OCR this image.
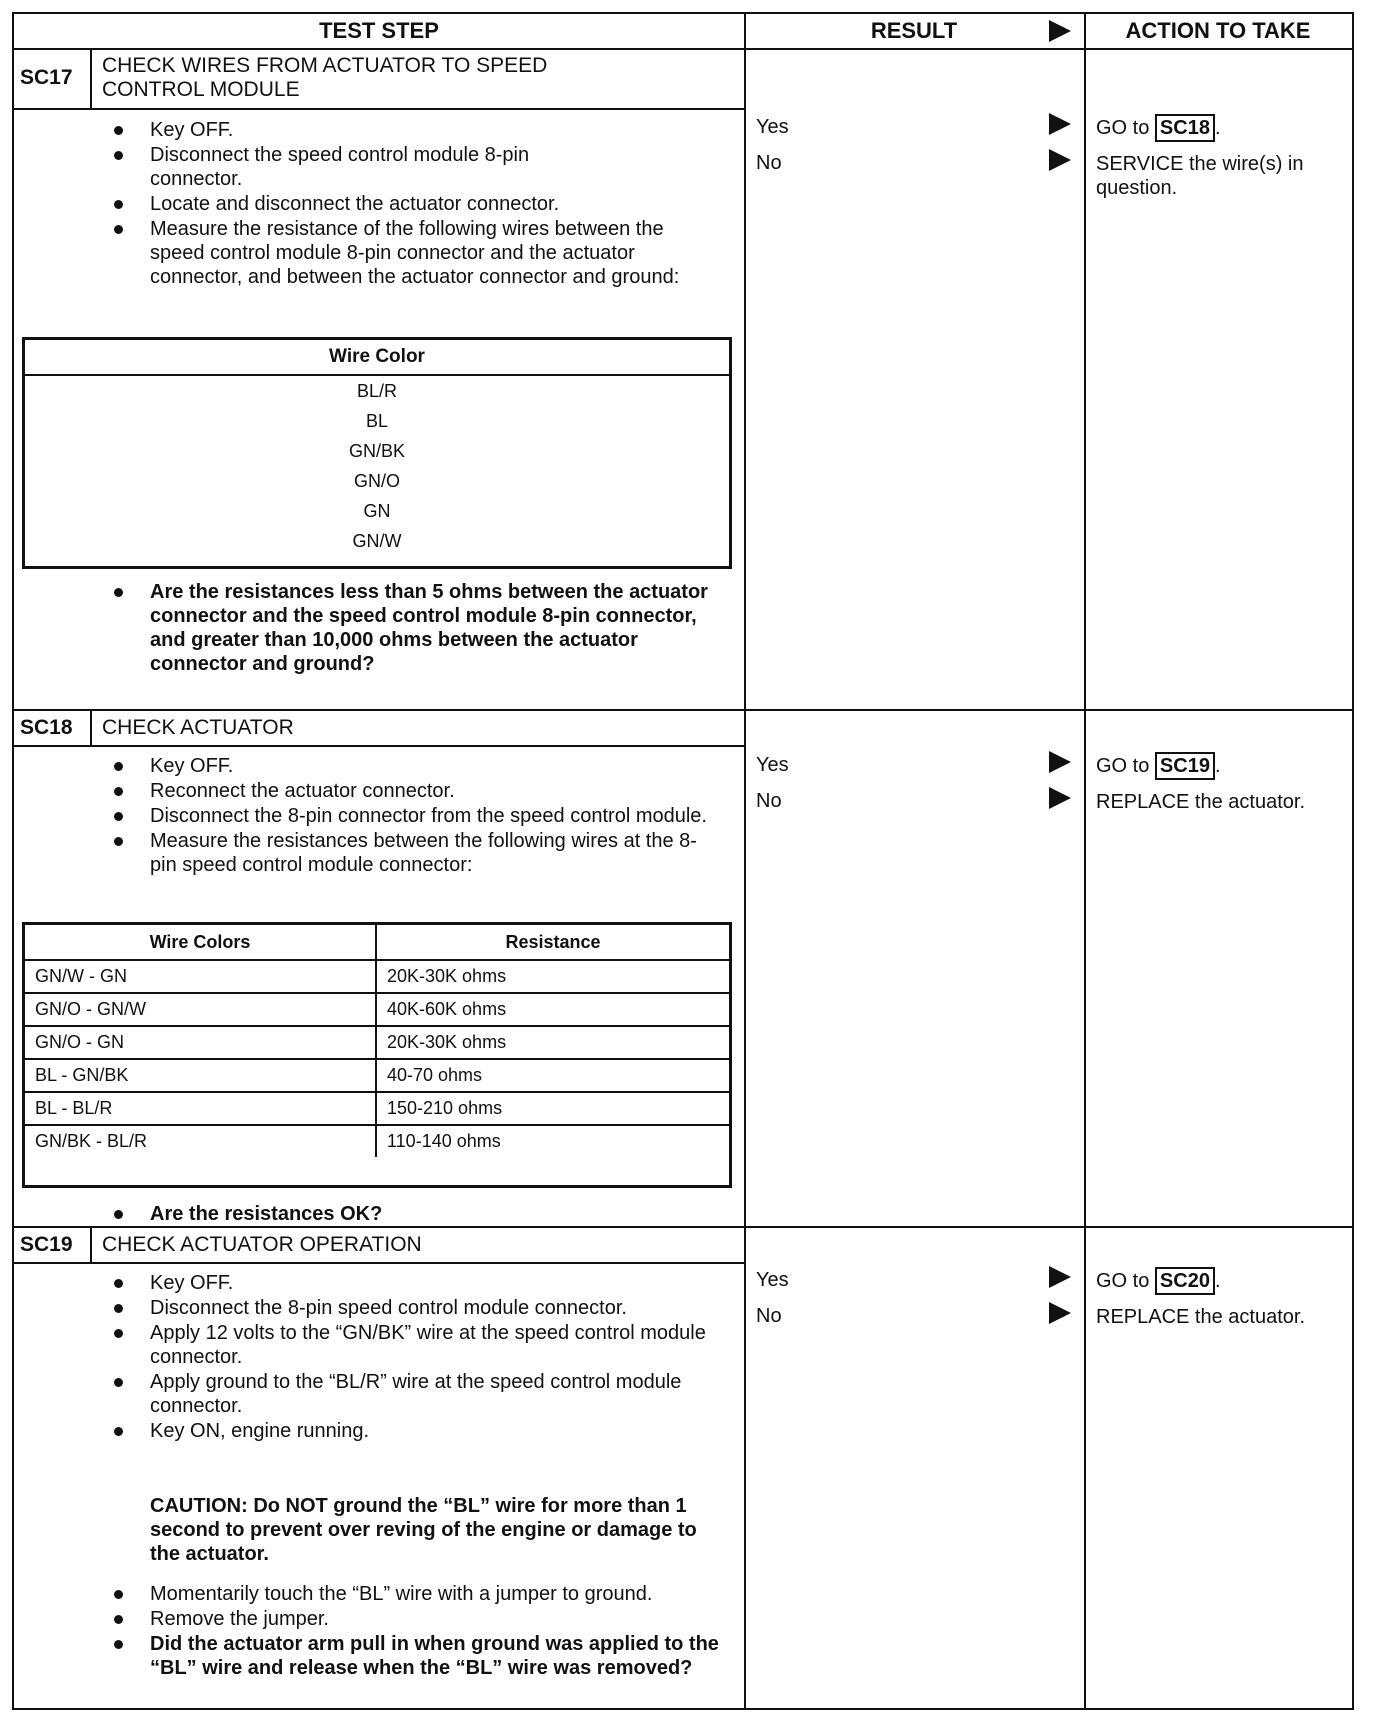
TEST STEP	RESULT	ACTION TO TAKE
SC17
CHECK WIRES FROM ACTUATOR TO SPEED
CONTROL MODULE
Key OFF.
Disconnect the speed control module 8-pin connector.
Locate and disconnect the actuator connector.
Measure the resistance of the following wires between the speed control module 8-pin connector and the actuator connector, and between the actuator connector and ground:
Wire Color
BL/R
BL
GN/BK
GN/O
GN
GN/W
Are the resistances less than 5 ohms between the actuator connector and the speed control module 8-pin connector, and greater than 10,000 ohms between the actuator connector and ground?
Yes	GO to SC18 .
No	SERVICE the wire(s) in question.
SC18	CHECK ACTUATOR
Key OFF.
Reconnect the actuator connector.
Disconnect the 8-pin connector from the speed control module.
Measure the resistances between the following wires at the 8-pin speed control module connector:
Wire Colors	Resistance
GN/W - GN	20K-30K ohms
GN/O - GN/W	40K-60K ohms
GN/O - GN	20K-30K ohms
BL - GN/BK	40-70 ohms
BL - BL/R	150-210 ohms
GN/BK - BL/R	110-140 ohms
Are the resistances OK?
Yes	GO to SC19 .
No	REPLACE the actuator.
SC19	CHECK ACTUATOR OPERATION
Key OFF.
Disconnect the 8-pin speed control module connector.
Apply 12 volts to the “GN/BK” wire at the speed control module connector.
Apply ground to the “BL/R” wire at the speed control module connector.
Key ON, engine running.
CAUTION: Do NOT ground the “BL” wire for more than 1 second to prevent over reving of the engine or damage to the actuator.
Momentarily touch the “BL” wire with a jumper to ground.
Remove the jumper.
Did the actuator arm pull in when ground was applied to the “BL” wire and release when the “BL” wire was removed?
Yes	GO to SC20 .
No	REPLACE the actuator.
